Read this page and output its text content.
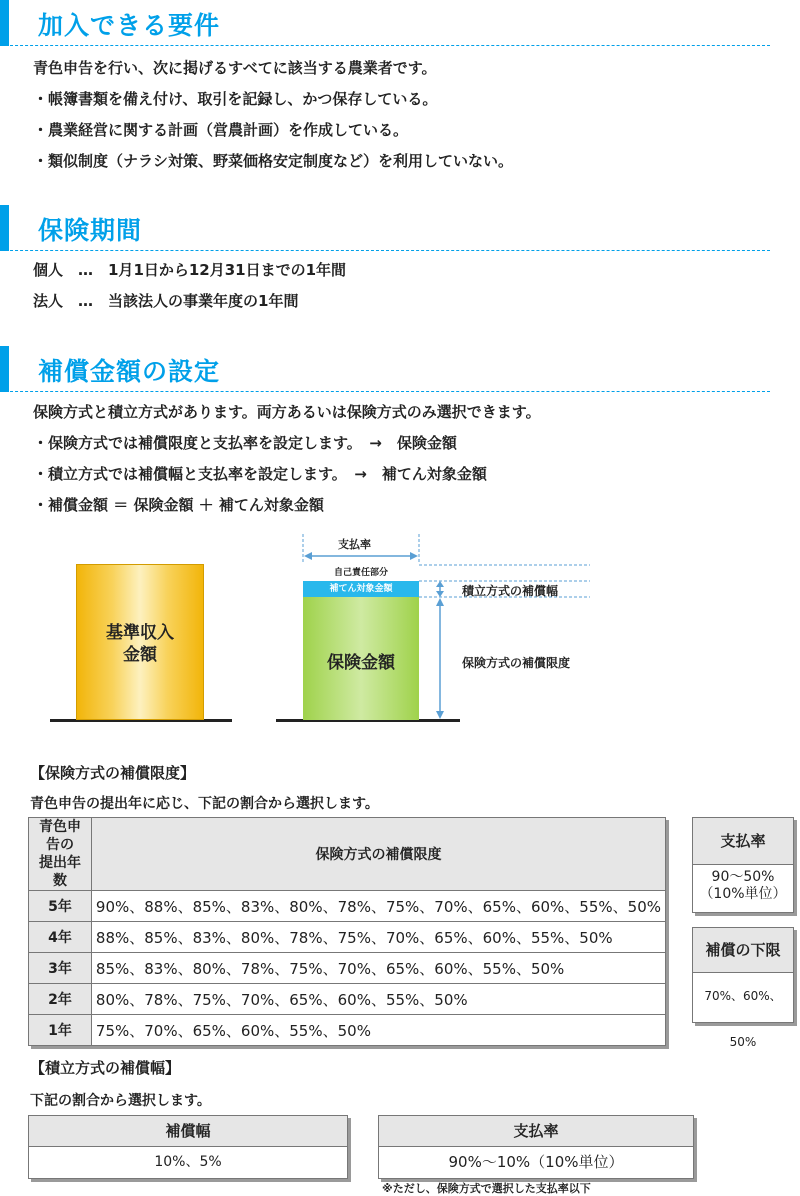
加入できる要件
青色申告を行い、次に掲げるすべてに該当する農業者です。
・帳簿書類を備え付け、取引を記録し、かつ保存している。
・農業経営に関する計画（営農計画）を作成している。
・類似制度（ナラシ対策、野菜価格安定制度など）を利用していない。
保険期間
個人　…　1月1日から12月31日までの1年間
法人　…　当該法人の事業年度の1年間
補償金額の設定
保険方式と積立方式があります。両方あるいは保険方式のみ選択できます。
・保険方式では補償限度と支払率を設定します。　→　保険金額
・積立方式では補償幅と支払率を設定します。　→　補てん対象金額
・補償金額 ＝ 保険金額 ＋ 補てん対象金額
基準収入
金額
自己責任部分
補てん対象金額
保険金額
支払率
積立方式の補償幅
保険方式の補償限度
【保険方式の補償限度】
青色申告の提出年に応じ、下記の割合から選択します。
青色申告の
提出年数	保険方式の補償限度
5年	90%、88%、85%、83%、80%、78%、75%、70%、65%、60%、55%、50%
4年	88%、85%、83%、80%、78%、75%、70%、65%、60%、55%、50%
3年	85%、83%、80%、78%、75%、70%、65%、60%、55%、50%
2年	80%、78%、75%、70%、65%、60%、55%、50%
1年	75%、70%、65%、60%、55%、50%
支払率
90～50%
（10%単位）
補償の下限
70%、60%、50%
【積立方式の補償幅】
下記の割合から選択します。
補償幅
10%、5%
支払率
90%～10%（10%単位）
※ただし、保険方式で選択した支払率以下
